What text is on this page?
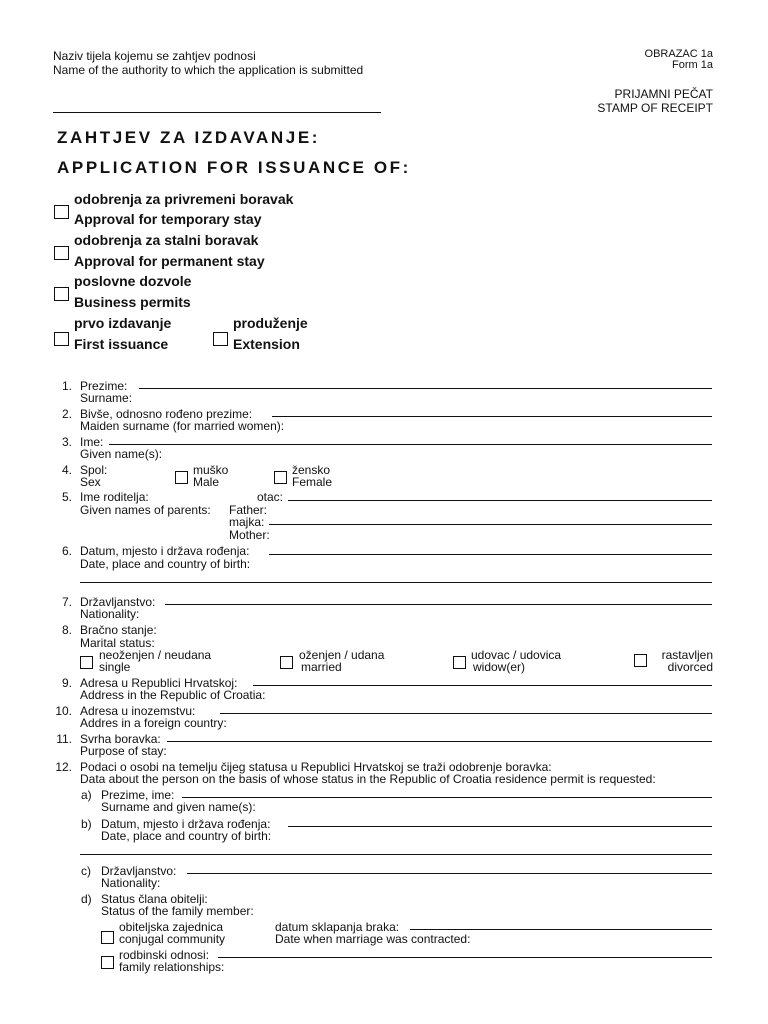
Naziv tijela kojemu se zahtjev podnosi
Name of the authority to which the application is submitted
OBRAZAC 1a
Form 1a
PRIJAMNI PEČAT
STAMP OF RECEIPT
ZAHTJEV ZA IZDAVANJE:
APPLICATION FOR ISSUANCE OF:
odobrenja za privremeni boravak
Approval for temporary stay
odobrenja za stalni boravak
Approval for permanent stay
poslovne dozvole
Business permits
prvo izdavanje
First issuance
produženje
Extension
1. Prezime:
Surname:
2. Bivše, odnosno rođeno prezime:
Maiden surname (for married women):
3. Ime:
Given name(s):
4. Spol:
Sex
muško
Male
žensko
Female
5. Ime roditelja:
Given names of parents:
otac:
Father:
majka:
Mother:
6. Datum, mjesto i država rođenja:
Date, place and country of birth:
7. Državljanstvo:
Nationality:
8. Bračno stanje:
Marital status:
neoženjen / neudana
single
oženjen / udana
married
udovac / udovica
widow(er)
rastavljen
divorced
9. Adresa u Republici Hrvatskoj:
Address in the Republic of Croatia:
10. Adresa u inozemstvu:
Addres in a foreign country:
11. Svrha boravka:
Purpose of stay:
12. Podaci o osobi na temelju čijeg statusa u Republici Hrvatskoj se traži odobrenje boravka:
Data about the person on the basis of whose status in the Republic of Croatia residence permit is requested:
a) Prezime, ime:
Surname and given name(s):
b) Datum, mjesto i država rođenja:
Date, place and country of birth:
c) Državljanstvo:
Nationality:
d) Status člana obitelji:
Status of the family member:
obiteljska zajednica
conjugal community
datum sklapanja braka:
Date when marriage was contracted:
rodbinski odnosi:
family relationships:
